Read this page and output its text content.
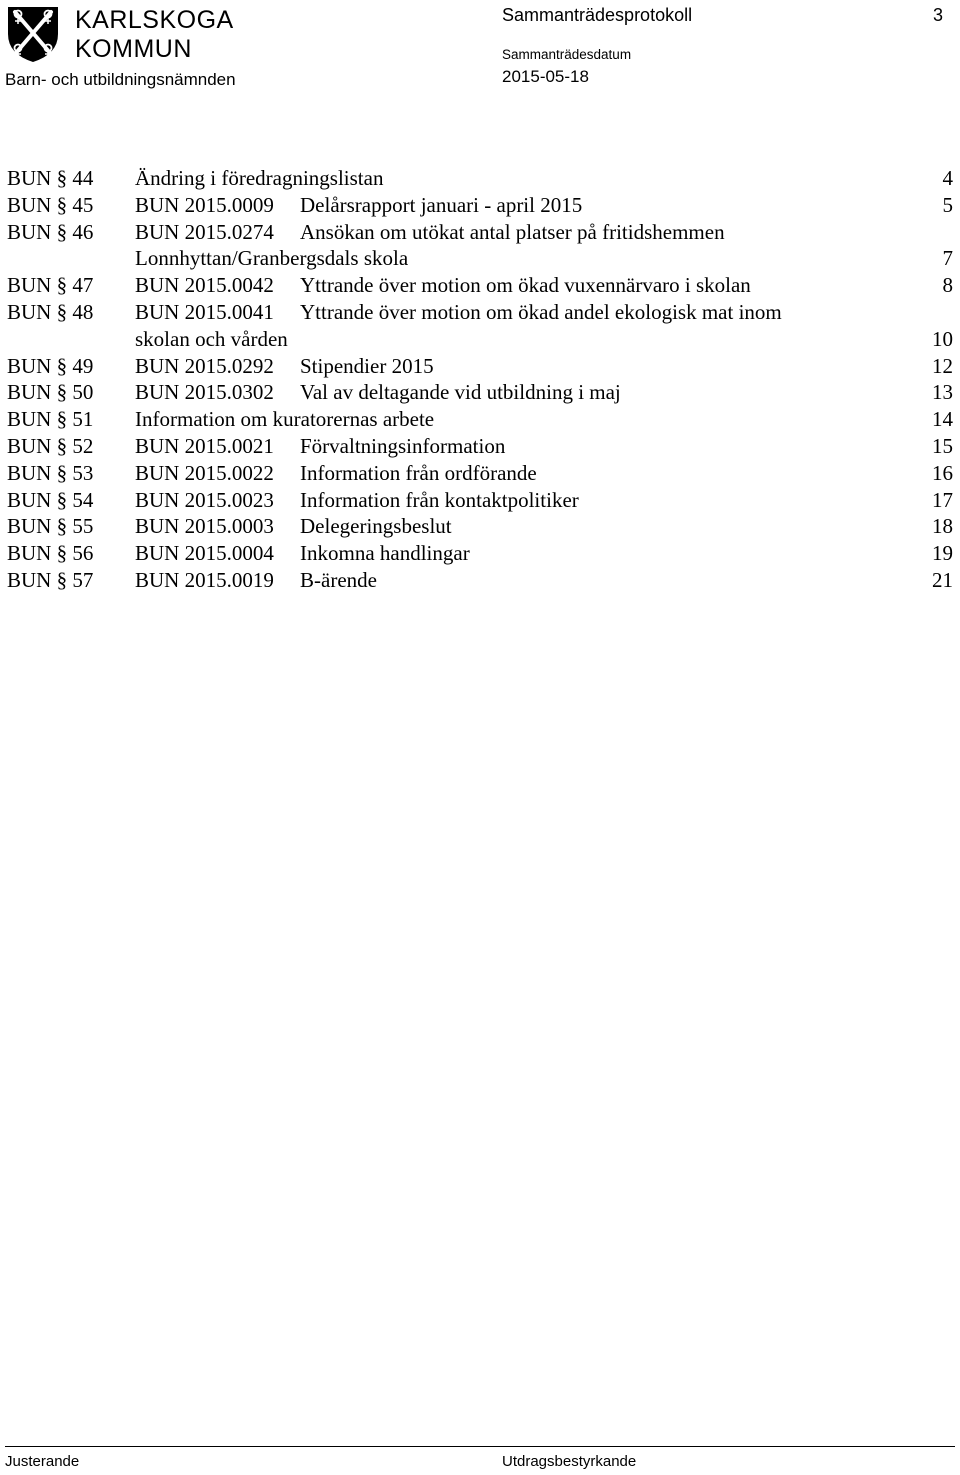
KARLSKOGA
KOMMUN
Barn- och utbildningsnämnden
Sammanträdesprotokoll	3
Sammanträdesdatum
2015-05-18
BUN § 44 Ändring i föredragningslistan	4
BUN § 45 BUN 2015.0009 Delårsrapport januari - april 2015	5
BUN § 46 BUN 2015.0274 Ansökan om utökat antal platser på fritidshemmen
Lonnhyttan/Granbergsdals skola	7
BUN § 47 BUN 2015.0042 Yttrande över motion om ökad vuxennärvaro i skolan	8
BUN § 48 BUN 2015.0041 Yttrande över motion om ökad andel ekologisk mat inom
skolan och vården	10
BUN § 49 BUN 2015.0292 Stipendier 2015	12
BUN § 50 BUN 2015.0302 Val av deltagande vid utbildning i maj	13
BUN § 51 Information om kuratorernas arbete	14
BUN § 52 BUN 2015.0021 Förvaltningsinformation	15
BUN § 53 BUN 2015.0022 Information från ordförande	16
BUN § 54 BUN 2015.0023 Information från kontaktpolitiker	17
BUN § 55 BUN 2015.0003 Delegeringsbeslut	18
BUN § 56 BUN 2015.0004 Inkomna handlingar	19
BUN § 57 BUN 2015.0019 B-ärende	21
Justerande	Utdragsbestyrkande
